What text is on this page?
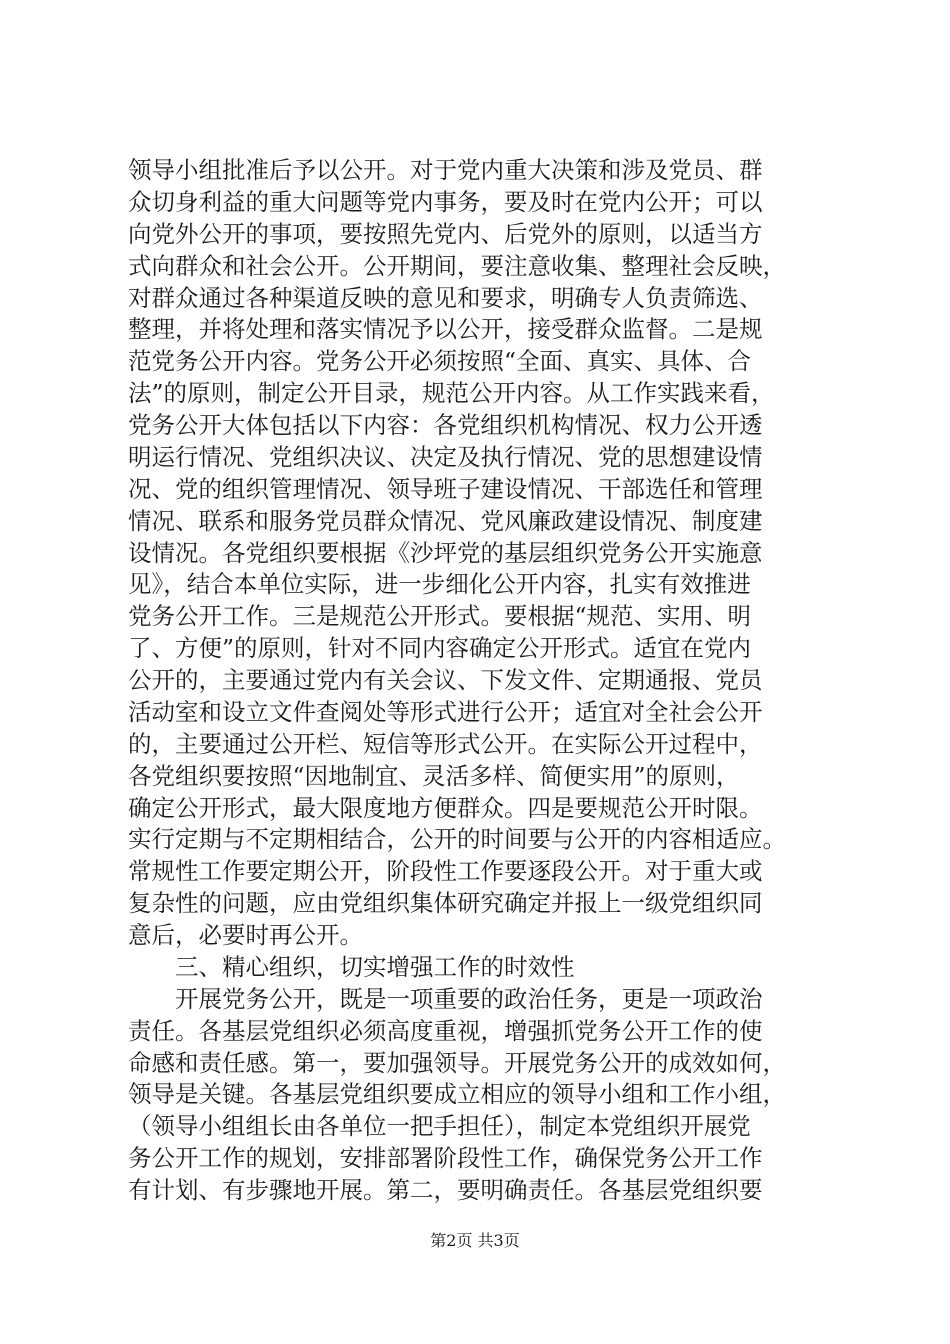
领导小组批准后予以公开。对于党内重大决策和涉及党员、群
众切身利益的重大问题等党内事务，要及时在党内公开；可以
向党外公开的事项，要按照先党内、后党外的原则，以适当方
式向群众和社会公开。公开期间，要注意收集、整理社会反映，
对群众通过各种渠道反映的意见和要求，明确专人负责筛选、
整理，并将处理和落实情况予以公开，接受群众监督。二是规
范党务公开内容。党务公开必须按照“全面、真实、具体、合
法”的原则，制定公开目录，规范公开内容。从工作实践来看，
党务公开大体包括以下内容：各党组织机构情况、权力公开透
明运行情况、党组织决议、决定及执行情况、党的思想建设情
况、党的组织管理情况、领导班子建设情况、干部选任和管理
情况、联系和服务党员群众情况、党风廉政建设情况、制度建
设情况。各党组织要根据《沙坪党的基层组织党务公开实施意
见》，结合本单位实际，进一步细化公开内容，扎实有效推进
党务公开工作。三是规范公开形式。要根据“规范、实用、明
了、方便”的原则，针对不同内容确定公开形式。适宜在党内
公开的，主要通过党内有关会议、下发文件、定期通报、党员
活动室和设立文件查阅处等形式进行公开；适宜对全社会公开
的，主要通过公开栏、短信等形式公开。在实际公开过程中，
各党组织要按照“因地制宜、灵活多样、简便实用”的原则，
确定公开形式，最大限度地方便群众。四是要规范公开时限。
实行定期与不定期相结合，公开的时间要与公开的内容相适应。
常规性工作要定期公开，阶段性工作要逐段公开。对于重大或
复杂性的问题，应由党组织集体研究确定并报上一级党组织同
意后，必要时再公开。
　　三、精心组织，切实增强工作的时效性
　　开展党务公开，既是一项重要的政治任务，更是一项政治
责任。各基层党组织必须高度重视，增强抓党务公开工作的使
命感和责任感。第一，要加强领导。开展党务公开的成效如何，
领导是关键。各基层党组织要成立相应的领导小组和工作小组，
（领导小组组长由各单位一把手担任），制定本党组织开展党
务公开工作的规划，安排部署阶段性工作，确保党务公开工作
有计划、有步骤地开展。第二，要明确责任。各基层党组织要
第2页 共3页
